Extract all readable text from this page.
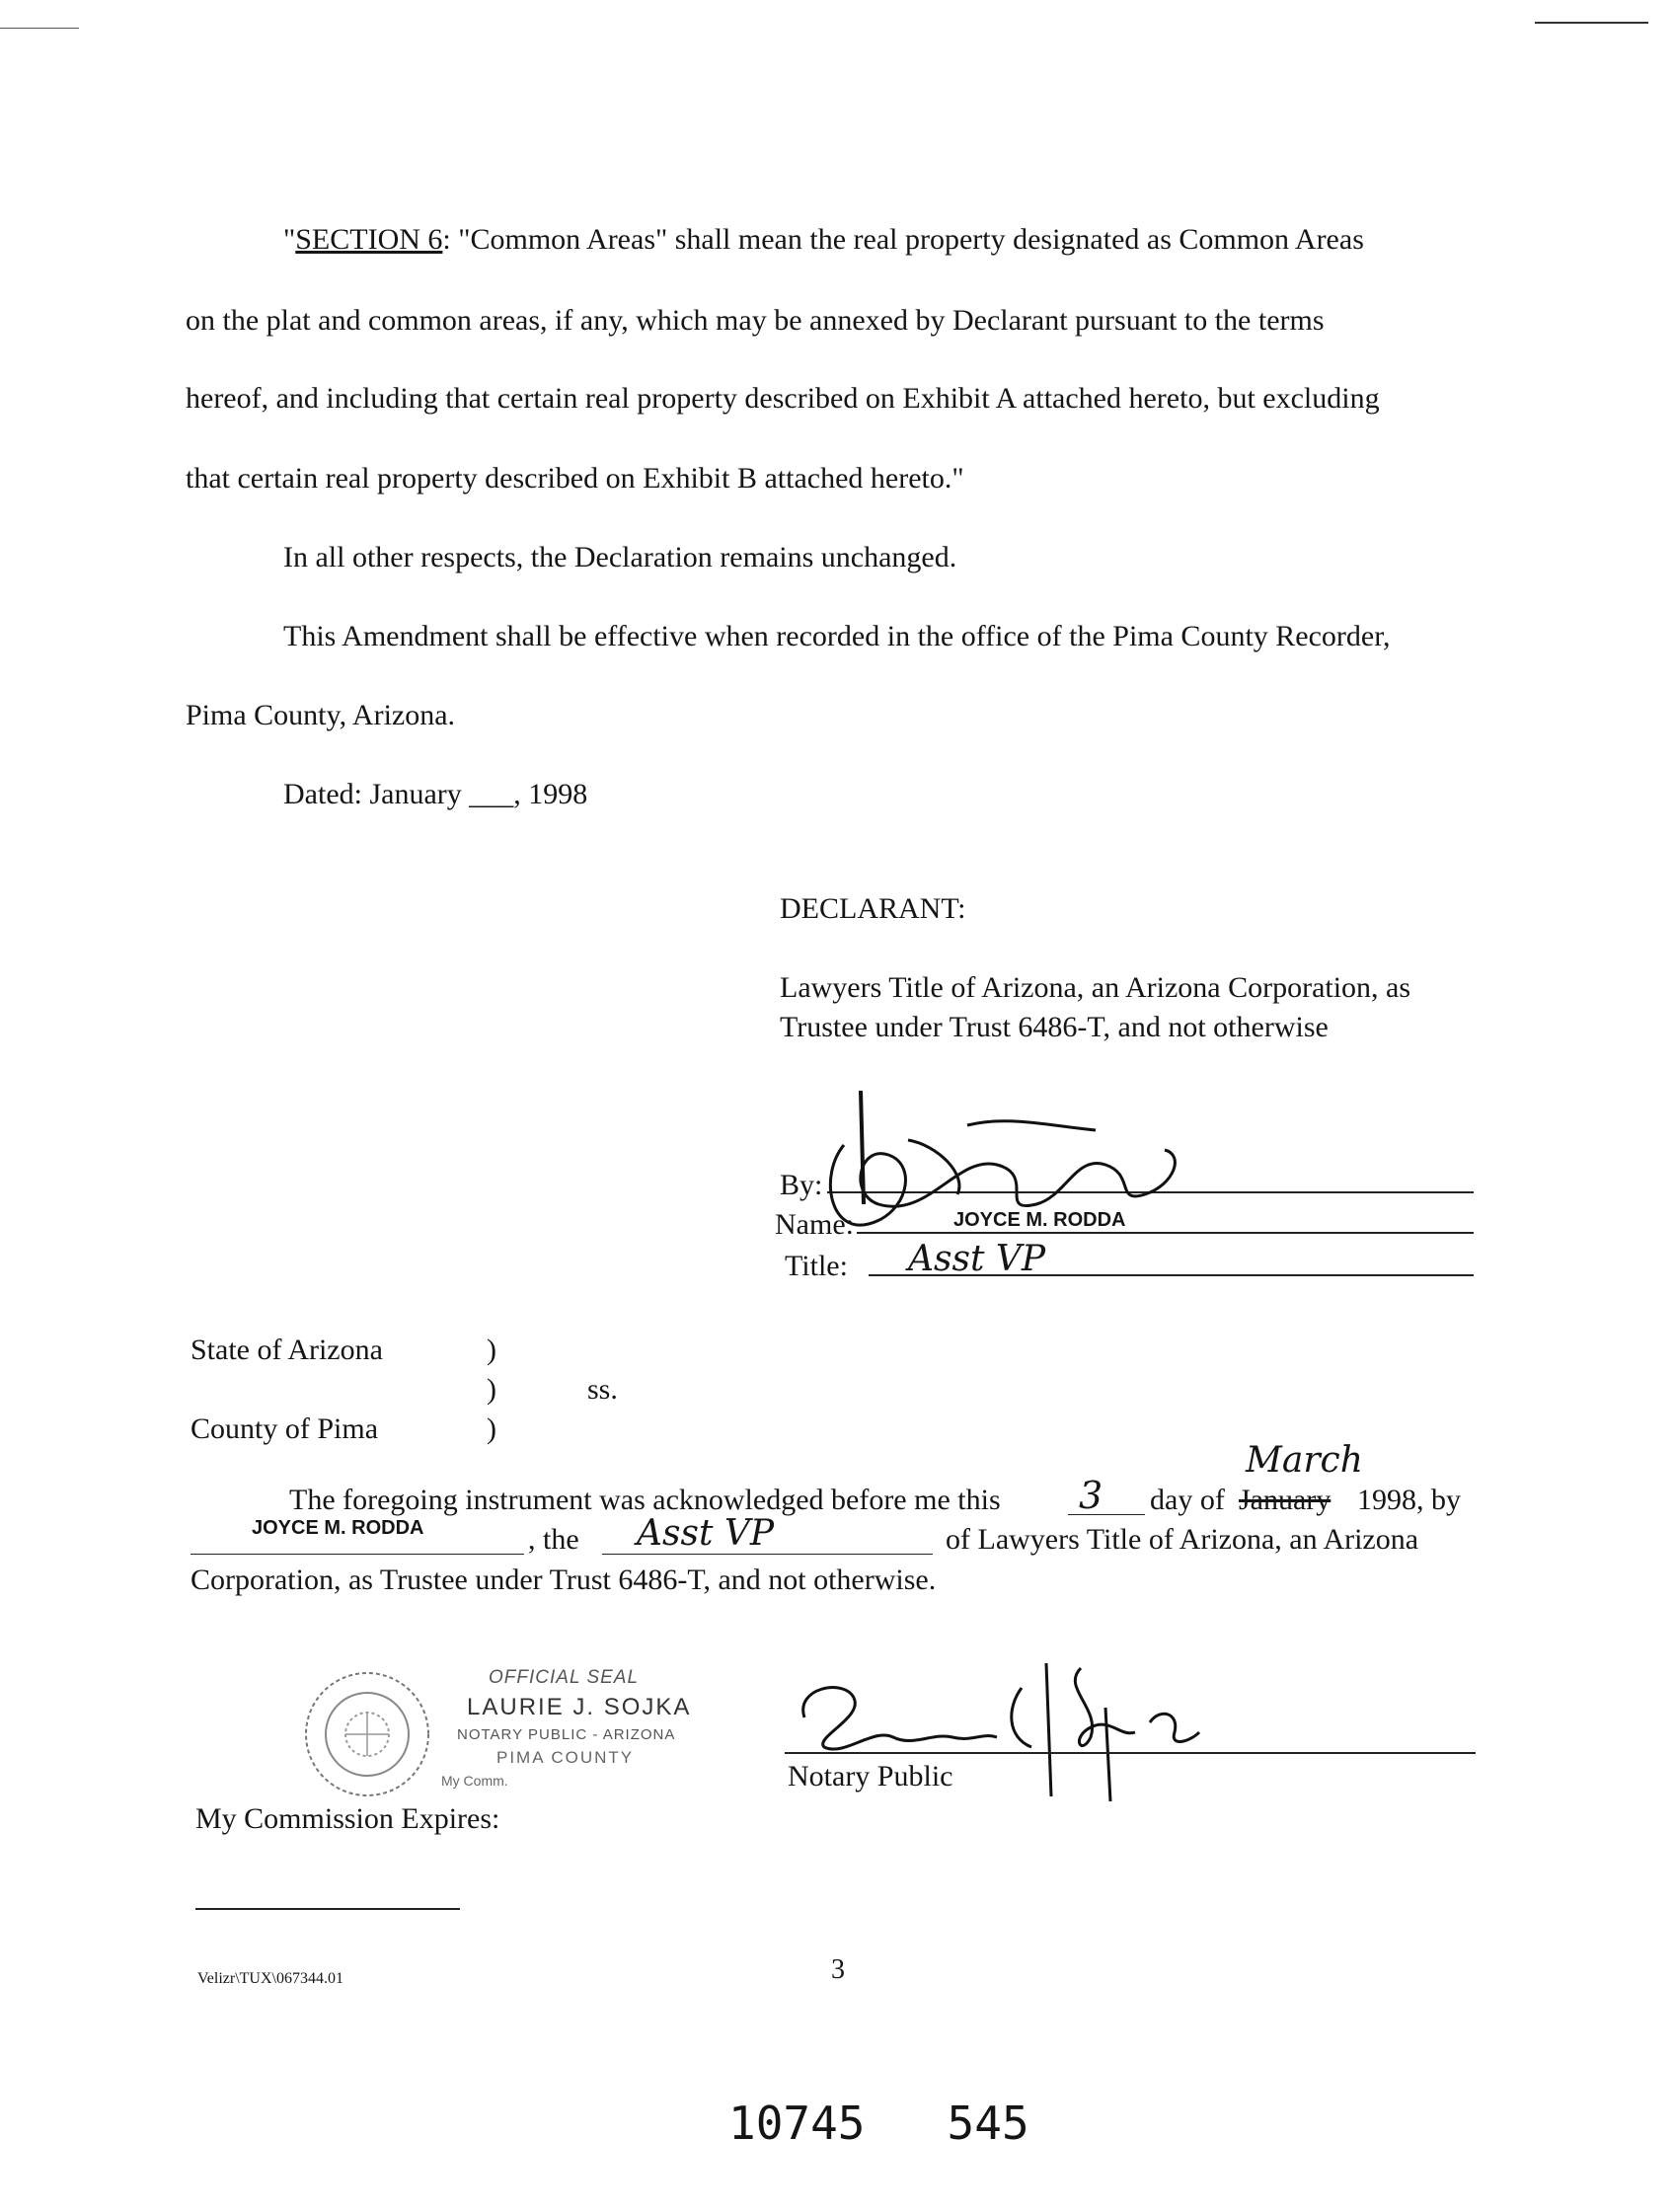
"SECTION 6: "Common Areas" shall mean the real property designated as Common Areas
on the plat and common areas, if any, which may be annexed by Declarant pursuant to the terms
hereof, and including that certain real property described on Exhibit A attached hereto, but excluding
that certain real property described on Exhibit B attached hereto."
In all other respects, the Declaration remains unchanged.
This Amendment shall be effective when recorded in the office of the Pima County Recorder,
Pima County, Arizona.
Dated: January ___, 1998
DECLARANT:
Lawyers Title of Arizona, an Arizona Corporation, as
Trustee under Trust 6486-T, and not otherwise
By:
Name:	JOYCE M. RODDA
Title: Asst VP
State of Arizona	)
)	ss.
County of Pima	)
The foregoing instrument was acknowledged before me this 3 day of January
March
1998, by
JOYCE M. RODDA	, the Asst VP	of Lawyers Title of Arizona, an Arizona
Corporation, as Trustee under Trust 6486-T, and not otherwise.
OFFICIAL SEAL
LAURIE J. SOJKA
NOTARY PUBLIC - ARIZONA
PIMA COUNTY
My Comm.	Notary Public
My Commission Expires:
Velizr\TUX\067344.01	3
10745   545
